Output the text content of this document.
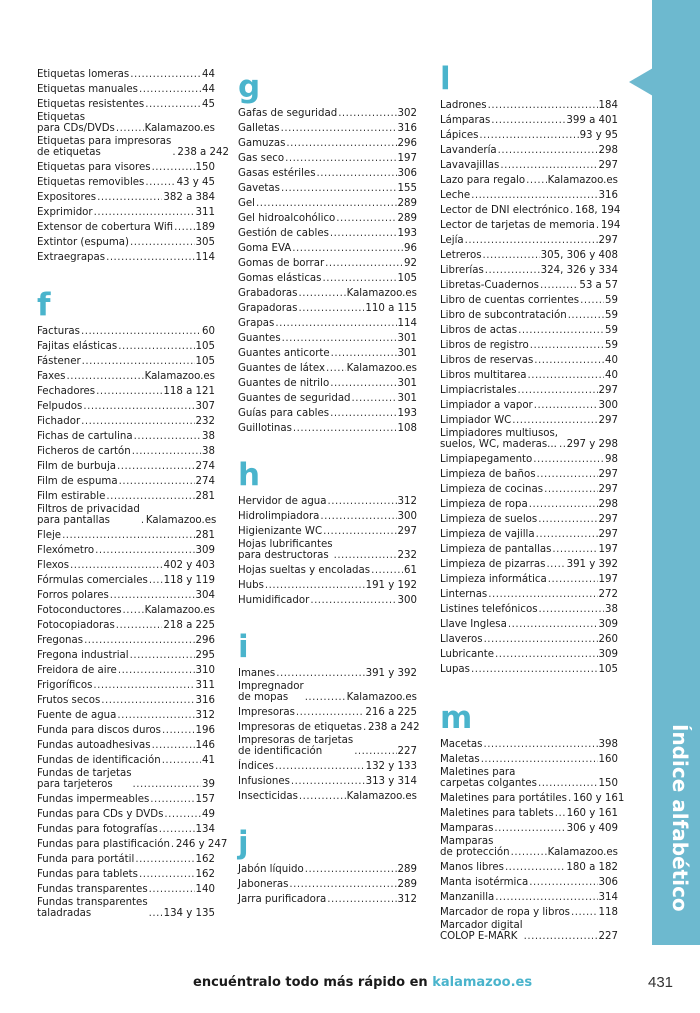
Índice alfabético
Etiquetas lomeras .....	44
Etiquetas manuales .....	44
Etiquetas resistentes .....	45
Etiquetas
para CDs/DVDs .....	Kalamazoo.es
Etiquetas para impresoras
de etiquetas .....	238 a 242
Etiquetas para visores .....	150
Etiquetas removibles .....	43 y 45
Expositores .....	382 a 384
Exprimidor .....	311
Extensor de cobertura Wifi ..... 189
Extintor (espuma) .....	305
Extraegrapas .....	114
f
Facturas .....	60
Fajitas elásticas .....	105
Fástener .....	105
Faxes .....	Kalamazoo.es
Fechadores .....	118 a 121
Felpudos .....	307
Fichador .....	232
Fichas de cartulina .....	38
Ficheros de cartón .....	38
Film de burbuja .....	274
Film de espuma .....	274
Film estirable .....	281
Filtros de privacidad
para pantallas .....	Kalamazoo.es
Fleje .....	281
Flexómetro .....	309
Flexos .....	402 y 403
Fórmulas comerciales ..... 118 y 119
Forros polares .....	304
Fotoconductores ..... Kalamazoo.es
Fotocopiadoras .....	218 a 225
Fregonas .....	296
Fregona industrial .....	295
Freidora de aire .....	310
Frigoríficos .....	311
Frutos secos .....	316
Fuente de agua .....	312
Funda para discos duros .....	196
Fundas autoadhesivas .....	146
Fundas de identificación .....	41
Fundas de tarjetas
para tarjeteros .....	39
Fundas impermeables .....	157
Fundas para CDs y DVDs .....	49
Fundas para fotografías .....	134
Fundas para plastificación ..... 246 y 247
Funda para portátil .....	162
Fundas para tablets .....	162
Fundas transparentes .....	140
Fundas transparentes
taladradas .....	134 y 135
g
Gafas de seguridad .....	302
Galletas .....	316
Gamuzas .....	296
Gas seco .....	197
Gasas estériles .....	306
Gavetas .....	155
Gel .....	289
Gel hidroalcohólico .....	289
Gestión de cables .....	193
Goma EVA .....	96
Gomas de borrar .....	92
Gomas elásticas .....	105
Grabadoras .....	Kalamazoo.es
Grapadoras .....	110 a 115
Grapas .....	114
Guantes .....	301
Guantes anticorte .....	301
Guantes de látex ..... Kalamazoo.es
Guantes de nitrilo .....	301
Guantes de seguridad .....	301
Guías para cables .....	193
Guillotinas .....	108
h
Hervidor de agua .....	312
Hidrolimpiadora .....	300
Higienizante WC .....	297
Hojas lubrificantes
para destructoras .....	232
Hojas sueltas y encoladas .....	61
Hubs .....	191 y 192
Humidificador .....	300
i
Imanes .....	391 y 392
Impregnador
de mopas .....	Kalamazoo.es
Impresoras .....	216 a 225
Impresoras de etiquetas ..... 238 a 242
Impresoras de tarjetas
de identificación .....	227
Índices .....	132 y 133
Infusiones .....	313 y 314
Insecticidas .....	Kalamazoo.es
j
Jabón líquido .....	289
Jaboneras .....	289
Jarra purificadora .....	312
l
Ladrones .....	184
Lámparas .....	399 a 401
Lápices .....	93 y 95
Lavandería .....	298
Lavavajillas .....	297
Lazo para regalo ..... Kalamazoo.es
Leche .....	316
Lector de DNI electrónico ..... 168, 194
Lector de tarjetas de memoria ..... 194
Lejía .....	297
Letreros .....	305, 306 y 408
Librerías .....	324, 326 y 334
Libretas-Cuadernos .....	53 a 57
Libro de cuentas corrientes .....	59
Libro de subcontratación .....	59
Libros de actas .....	59
Libros de registro .....	59
Libros de reservas .....	40
Libros multitarea .....	40
Limpiacristales .....	297
Limpiador a vapor .....	300
Limpiador WC .....	297
Limpiadores multiusos,
suelos, WC, maderas... ..... 297 y 298
Limpiapegamento .....	98
Limpieza de baños .....	297
Limpieza de cocinas .....	297
Limpieza de ropa .....	298
Limpieza de suelos .....	297
Limpieza de vajilla .....	297
Limpieza de pantallas .....	197
Limpieza de pizarras ..... 391 y 392
Limpieza informática .....	197
Linternas .....	272
Listines telefónicos .....	38
Llave Inglesa .....	309
Llaveros .....	260
Lubricante .....	309
Lupas .....	105
m
Macetas .....	398
Maletas .....	160
Maletines para
carpetas colgantes .....	150
Maletines para portátiles ..... 160 y 161
Maletines para tablets ..... 160 y 161
Mamparas .....	306 y 409
Mamparas
de protección .....	Kalamazoo.es
Manos libres .....	180 a 182
Manta isotérmica .....	306
Manzanilla .....	314
Marcador de ropa y libros .....	118
Marcador digital
COLOP E-MARK .....	227
encuéntralo todo más rápido en kalamazoo.es	431
